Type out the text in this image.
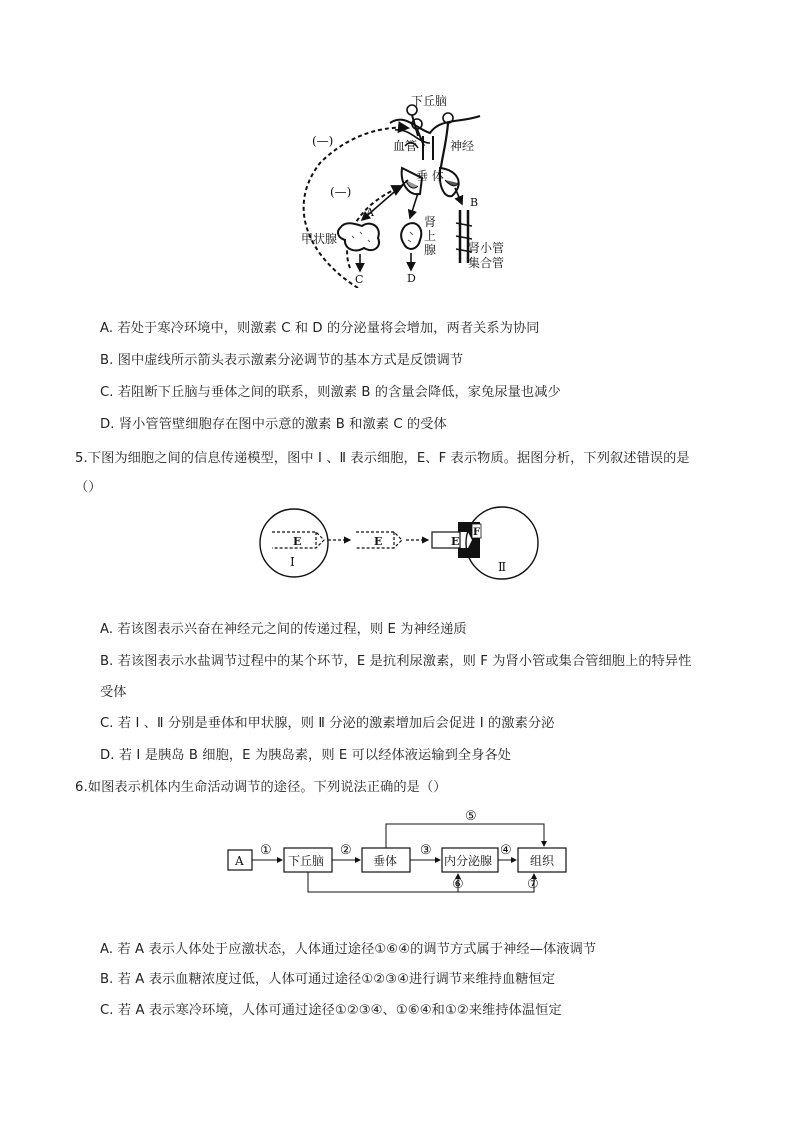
下丘脑
(—)	血管	神经
垂 体
(—)
A
B
甲状腺
肾
上
腺	肾小管
集合管
C	D
A. 若处于寒冷环境中，则激素 C 和 D 的分泌量将会增加，两者关系为协同
B. 图中虚线所示箭头表示激素分泌调节的基本方式是反馈调节
C. 若阻断下丘脑与垂体之间的联系，则激素 B 的含量会降低，家兔尿量也减少
D. 肾小管管壁细胞存在图中示意的激素 B 和激素 C 的受体
5.下图为细胞之间的信息传递模型，图中 Ⅰ 、Ⅱ 表示细胞，E、F 表示物质。据图分析，下列叙述错误的是
（）
E	E	E
F
Ⅰ	Ⅱ
A. 若该图表示兴奋在神经元之间的传递过程，则 E 为神经递质
B. 若该图表示水盐调节过程中的某个环节，E 是抗利尿激素，则 F 为肾小管或集合管细胞上的特异性
受体
C. 若 Ⅰ 、Ⅱ 分别是垂体和甲状腺，则 Ⅱ 分泌的激素增加后会促进 Ⅰ 的激素分泌
D. 若 Ⅰ 是胰岛 B 细胞，E 为胰岛素，则 E 可以经体液运输到全身各处
6.如图表示机体内生命活动调节的途径。下列说法正确的是（）
A	下丘脑	垂体	内分泌腺	组织
①	②	③	④
⑤
⑥	⑦
A. 若 A 表示人体处于应激状态，人体通过途径①⑥④的调节方式属于神经—体液调节
B. 若 A 表示血糖浓度过低，人体可通过途径①②③④进行调节来维持血糖恒定
C. 若 A 表示寒冷环境，人体可通过途径①②③④、①⑥④和①②来维持体温恒定
